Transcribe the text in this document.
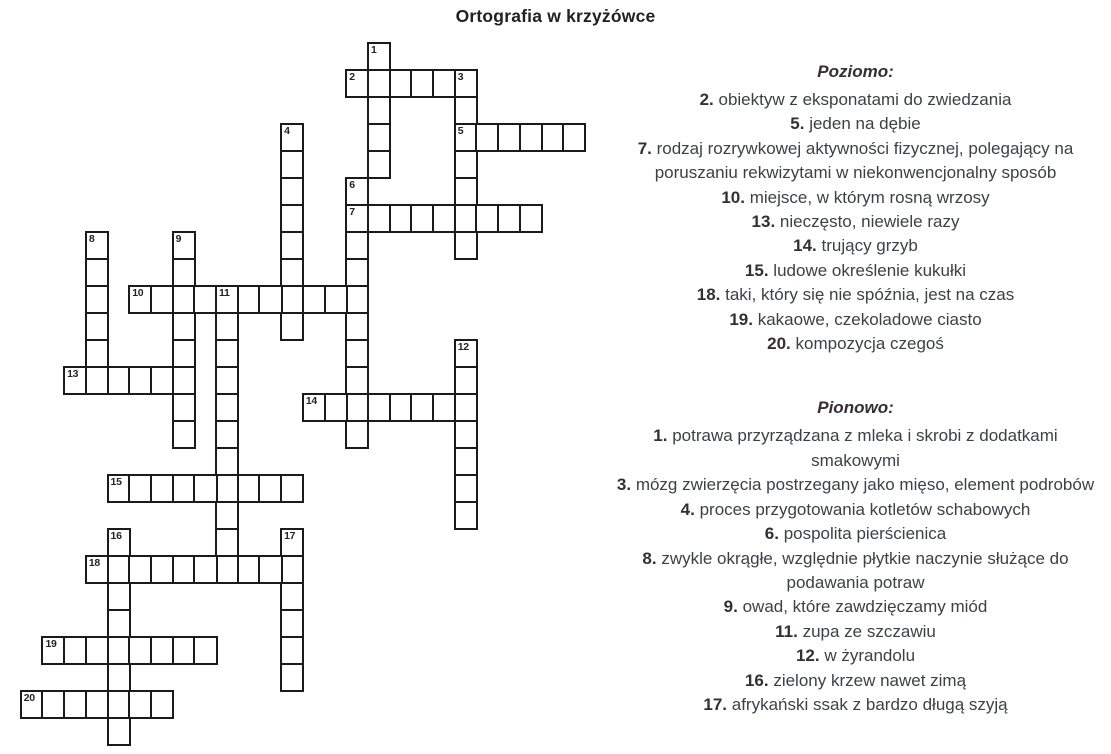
Ortografia w krzyżówce
1
2	3
5
4
6
7
8	9
10	11
12
13
14
15
16	17
18
19
20
Poziomo:
2. obiektyw z eksponatami do zwiedzania
5. jeden na dębie
7. rodzaj rozrywkowej aktywności fizycznej, polegający na
poruszaniu rekwizytami w niekonwencjonalny sposób
10. miejsce, w którym rosną wrzosy
13. nieczęsto, niewiele razy
14. trujący grzyb
15. ludowe określenie kukułki
18. taki, który się nie spóźnia, jest na czas
19. kakaowe, czekoladowe ciasto
20. kompozycja czegoś
Pionowo:
1. potrawa przyrządzana z mleka i skrobi z dodatkami
smakowymi
3. mózg zwierzęcia postrzegany jako mięso, element podrobów
4. proces przygotowania kotletów schabowych
6. pospolita pierścienica
8. zwykle okrągłe, względnie płytkie naczynie służące do
podawania potraw
9. owad, które zawdzięczamy miód
11. zupa ze szczawiu
12. w żyrandolu
16. zielony krzew nawet zimą
17. afrykański ssak z bardzo długą szyją
